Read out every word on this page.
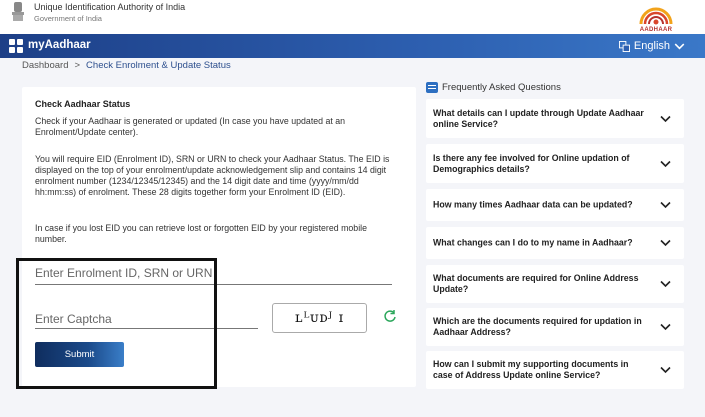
Unique Identification Authority of India
Government of India
AADHAAR
myAadhaar	English
Dashboard > Check Enrolment & Update Status
Check Aadhaar Status

Check if your Aadhaar is generated or updated (In case you have updated at an Enrolment/Update center).

You will require EID (Enrolment ID), SRN or URN to check your Aadhaar Status. The EID is displayed on the top of your enrolment/update acknowledgement slip and contains 14 digit enrolment number (1234/12345/12345) and the 14 digit date and time (yyyy/mm/dd hh:mm:ss) of enrolment. These 28 digits together form your Enrolment ID (EID).

In case if you lost EID you can retrieve lost or forgotten EID by your registered mobile number.

Enter Enrolment ID, SRN or URN
Enter Captcha	ʟᴸᴜᴅᴶ ɪ
Submit
Frequently Asked Questions
What details can I update through Update Aadhaar online Service?
Is there any fee involved for Online updation of Demographics details?
How many times Aadhaar data can be updated?
What changes can I do to my name in Aadhaar?
What documents are required for Online Address Update?
Which are the documents required for updation in Aadhaar Address?
How can I submit my supporting documents in case of Address Update online Service?
